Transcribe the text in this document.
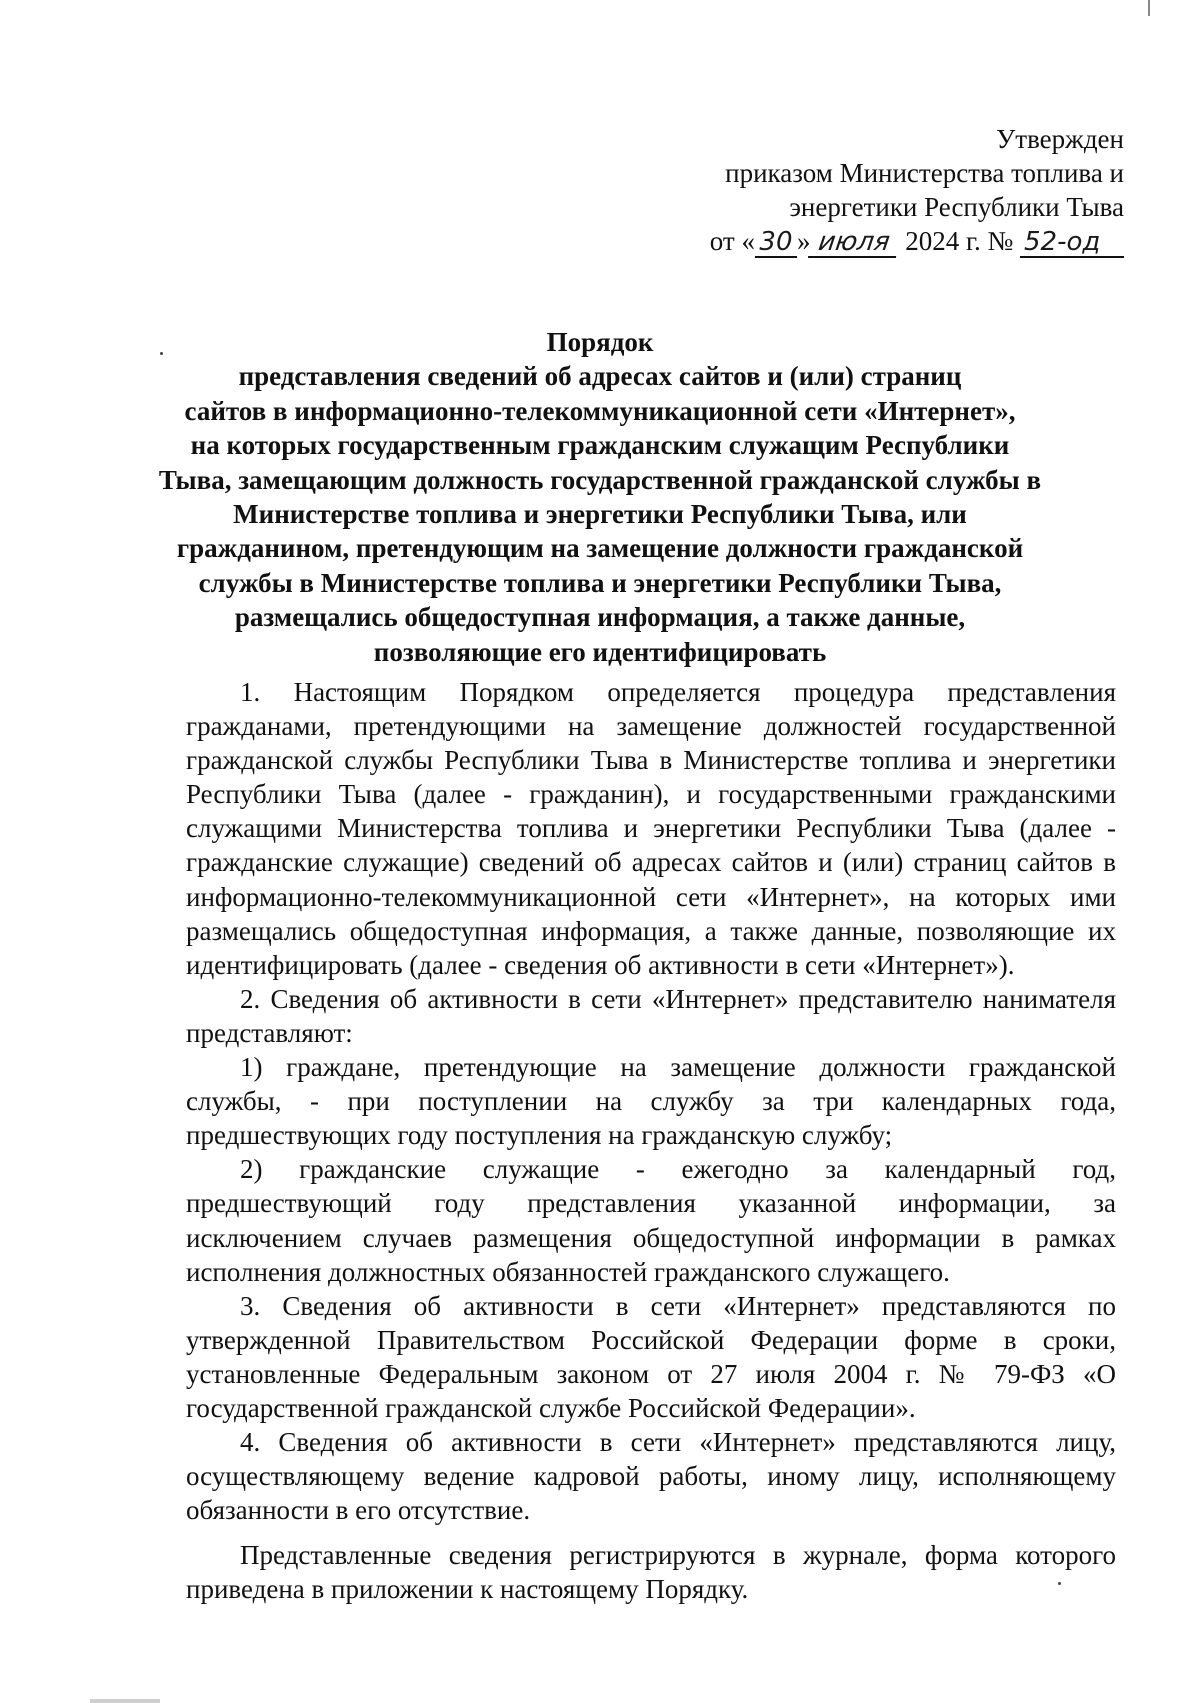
Утвержден
приказом Министерства топлива и
энергетики Республики Тыва
от « 30 » июля 2024 г. № 52-од
Порядок
представления сведений об адресах сайтов и (или) страниц
сайтов в информационно-телекоммуникационной сети «Интернет»,
на которых государственным гражданским служащим Республики
Тыва, замещающим должность государственной гражданской службы в
Министерстве топлива и энергетики Республики Тыва, или
гражданином, претендующим на замещение должности гражданской
службы в Министерстве топлива и энергетики Республики Тыва,
размещались общедоступная информация, а также данные,
позволяющие его идентифицировать
1. Настоящим Порядком определяется процедура представления
гражданами, претендующими на замещение должностей государственной
гражданской службы Республики Тыва в Министерстве топлива и энергетики
Республики Тыва (далее - гражданин), и государственными гражданскими
служащими Министерства топлива и энергетики Республики Тыва (далее -
гражданские служащие) сведений об адресах сайтов и (или) страниц сайтов в
информационно-телекоммуникационной сети «Интернет», на которых ими
размещались общедоступная информация, а также данные, позволяющие их
идентифицировать (далее - сведения об активности в сети «Интернет»).
2. Сведения об активности в сети «Интернет» представителю нанимателя
представляют:
1) граждане, претендующие на замещение должности гражданской
службы, - при поступлении на службу за три календарных года,
предшествующих году поступления на гражданскую службу;
2) гражданские служащие - ежегодно за календарный год,
предшествующий году представления указанной информации, за
исключением случаев размещения общедоступной информации в рамках
исполнения должностных обязанностей гражданского служащего.
3. Сведения об активности в сети «Интернет» представляются по
утвержденной Правительством Российской Федерации форме в сроки,
установленные Федеральным законом от 27 июля 2004 г. № 79-ФЗ «О
государственной гражданской службе Российской Федерации».
4. Сведения об активности в сети «Интернет» представляются лицу,
осуществляющему ведение кадровой работы, иному лицу, исполняющему
обязанности в его отсутствие.
Представленные сведения регистрируются в журнале, форма которого
приведена в приложении к настоящему Порядку.
